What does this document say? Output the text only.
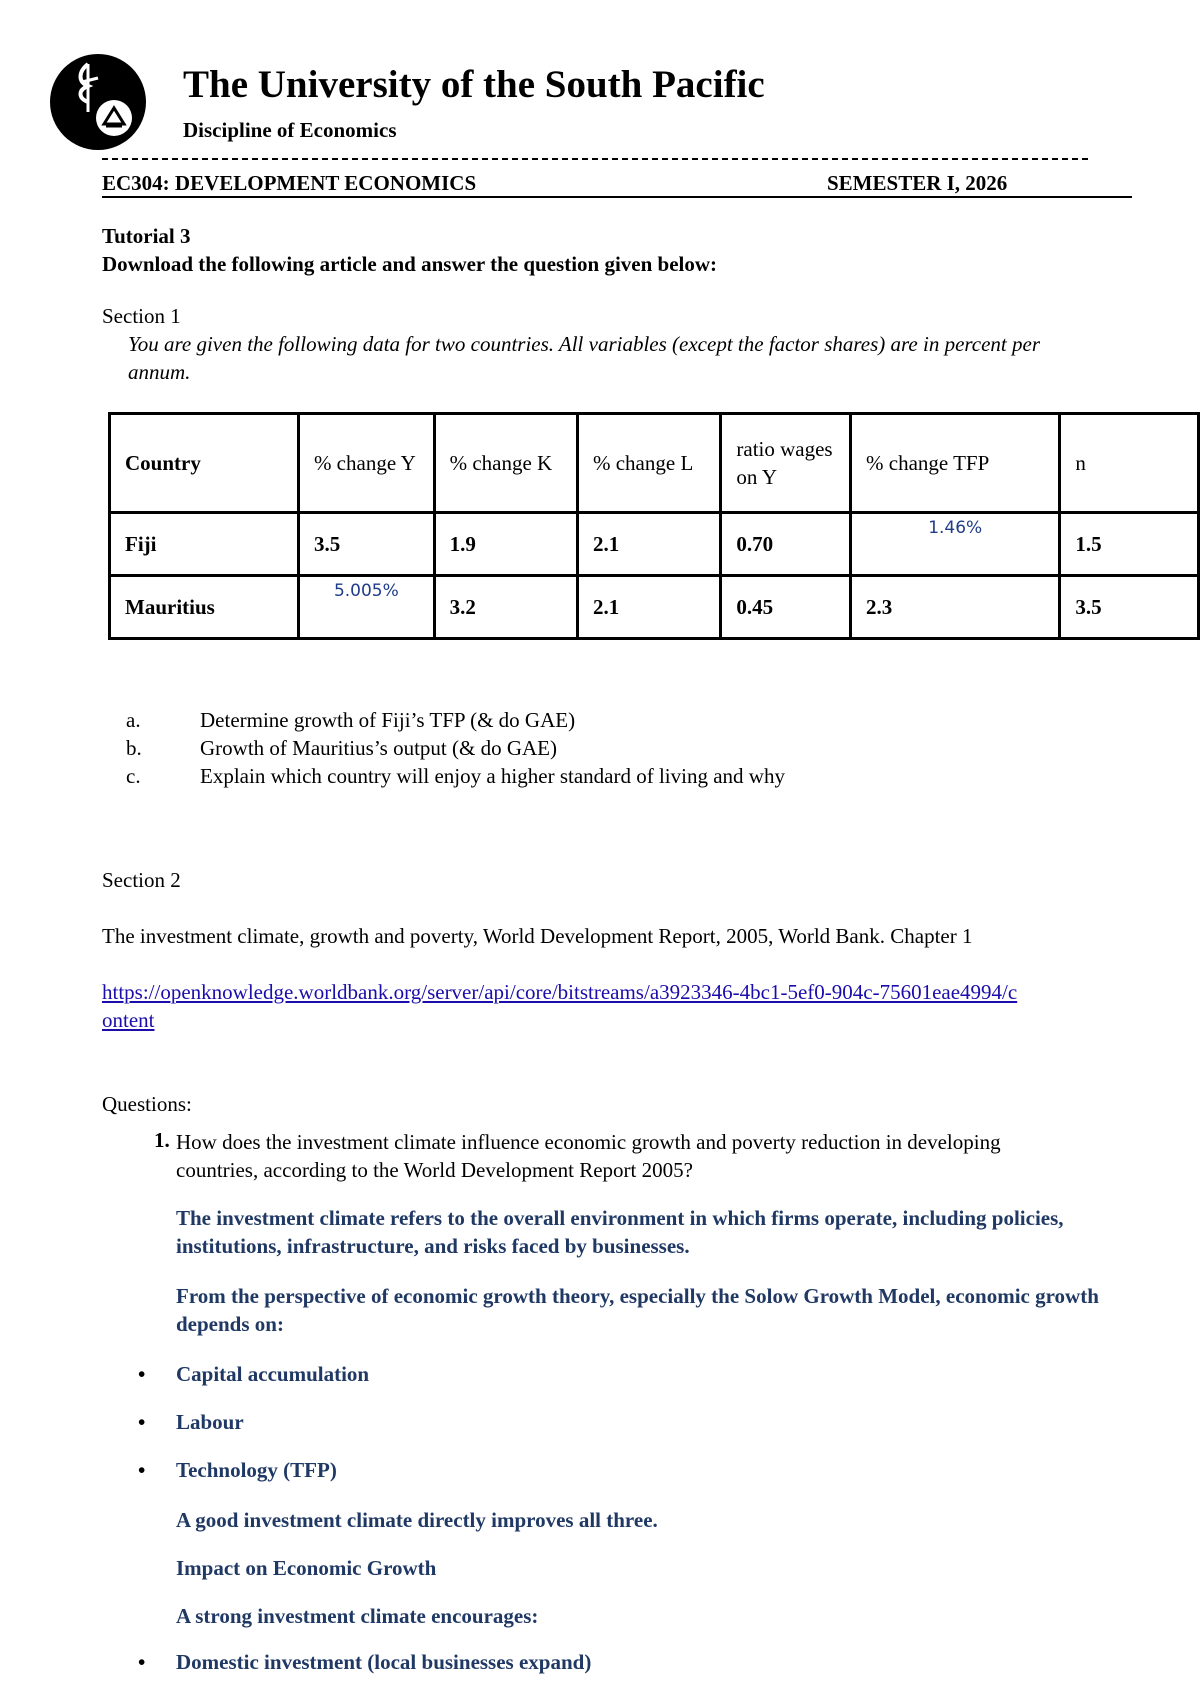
The University of the South Pacific
Discipline of Economics
EC304: DEVELOPMENT ECONOMICS	SEMESTER I, 2026
Tutorial 3
Download the following article and answer the question given below:
Section 1
You are given the following data for two countries. All variables (except the factor shares) are in percent per annum.
Country	% change Y	% change K	% change L	ratio wages on Y	% change TFP	n
Fiji	3.5	1.9	2.1	0.70	1.46%	1.5
Mauritius	5.005%	3.2	2.1	0.45	2.3	3.5
a.	Determine growth of Fiji’s TFP (& do GAE)
b.	Growth of Mauritius’s output (& do GAE)
c.	Explain which country will enjoy a higher standard of living and why
Section 2
The investment climate, growth and poverty, World Development Report, 2005, World Bank. Chapter 1
https://openknowledge.worldbank.org/server/api/core/bitstreams/a3923346-4bc1-5ef0-904c-75601eae4994/content
Questions:
1. How does the investment climate influence economic growth and poverty reduction in developing countries, according to the World Development Report 2005?
The investment climate refers to the overall environment in which firms operate, including policies, institutions, infrastructure, and risks faced by businesses.
From the perspective of economic growth theory, especially the Solow Growth Model, economic growth depends on:
• Capital accumulation
• Labour
• Technology (TFP)
A good investment climate directly improves all three.
Impact on Economic Growth
A strong investment climate encourages:
• Domestic investment (local businesses expand)
